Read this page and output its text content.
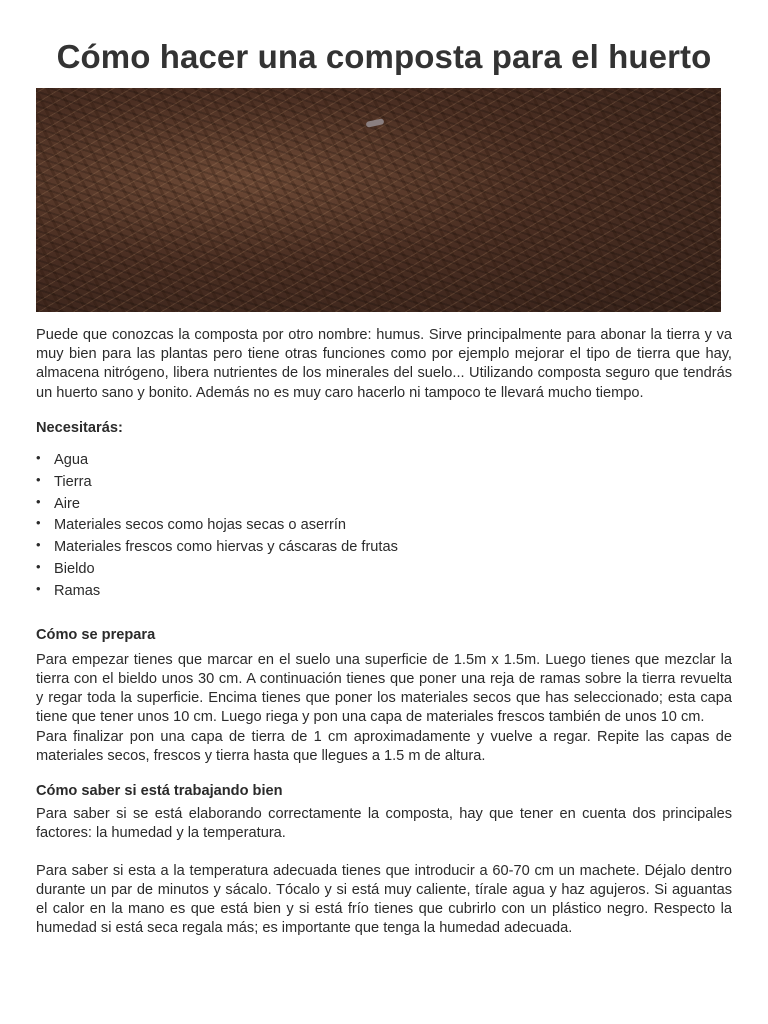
Cómo hacer una composta para el huerto

Puede que conozcas la composta por otro nombre: humus. Sirve principalmente para abonar la tierra y va muy bien para las plantas pero tiene otras funciones como por ejemplo mejorar el tipo de tierra que hay, almacena nitrógeno, libera nutrientes de los minerales del suelo... Utilizando composta seguro que tendrás un huerto sano y bonito. Además no es muy caro hacerlo ni tampoco te llevará mucho tiempo.

Necesitarás:
• Agua
• Tierra
• Aire
• Materiales secos como hojas secas o aserrín
• Materiales frescos como hiervas y cáscaras de frutas
• Bieldo
• Ramas
Cómo se prepara

Para empezar tienes que marcar en el suelo una superficie de 1.5m x 1.5m. Luego tienes que mezclar la tierra con el bieldo unos 30 cm. A continuación tienes que poner una reja de ramas sobre la tierra revuelta y regar toda la superficie. Encima tienes que poner los materiales secos que has seleccionado; esta capa tiene que tener unos 10 cm. Luego riega y pon una capa de materiales frescos también de unos 10 cm.

Para finalizar pon una capa de tierra de 1 cm aproximadamente y vuelve a regar. Repite las capas de materiales secos, frescos y tierra hasta que llegues a 1.5 m de altura.

Cómo saber si está trabajando bien

Para saber si se está elaborando correctamente la composta, hay que tener en cuenta dos principales factores: la humedad y la temperatura.

Para saber si esta a la temperatura adecuada tienes que introducir a 60-70 cm un machete. Déjalo dentro durante un par de minutos y sácalo. Tócalo y si está muy caliente, tírale agua y haz agujeros. Si aguantas el calor en la mano es que está bien y si está frío tienes que cubrirlo con un plástico negro. Respecto la humedad si está seca regala más; es importante que tenga la humedad adecuada.
